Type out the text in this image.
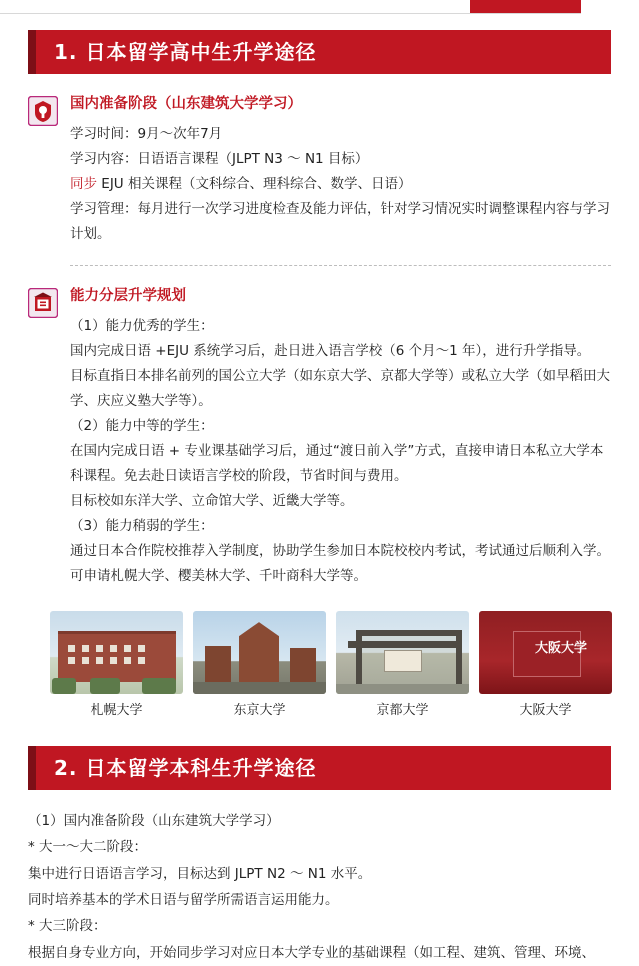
1. 日本留学高中生升学途径
国内准备阶段（山东建筑大学学习）

学习时间：9月～次年7月

学习内容：日语语言课程（JLPT N3 ～ N1 目标）

同步 EJU 相关课程（文科综合、理科综合、数学、日语）

学习管理：每月进行一次学习进度检查及能力评估，针对学习情况实时调整课程内容与学习计划。

能力分层升学规划

（1）能力优秀的学生：

国内完成日语 +EJU 系统学习后，赴日进入语言学校（6 个月～1 年），进行升学指导。

目标直指日本排名前列的国公立大学（如东京大学、京都大学等）或私立大学（如早稻田大学、庆应义塾大学等）。

（2）能力中等的学生：

在国内完成日语 + 专业课基础学习后，通过“渡日前入学”方式，直接申请日本私立大学本科课程。免去赴日读语言学校的阶段，节省时间与费用。

目标校如东洋大学、立命馆大学、近畿大学等。

（3）能力稍弱的学生：

通过日本合作院校推荐入学制度，协助学生参加日本院校校内考试，考试通过后顺利入学。

可申请札幌大学、樱美林大学、千叶商科大学等。

札幌大学	东京大学	京都大学
大阪大学
大阪大学
2. 日本留学本科生升学途径

（1）国内准备阶段（山东建筑大学学习）

* 大一～大二阶段：

集中进行日语语言学习，目标达到 JLPT N2 ～ N1 水平。

同时培养基本的学术日语与留学所需语言运用能力。

* 大三阶段：

根据自身专业方向，开始同步学习对应日本大学专业的基础课程（如工程、建筑、管理、环境、
